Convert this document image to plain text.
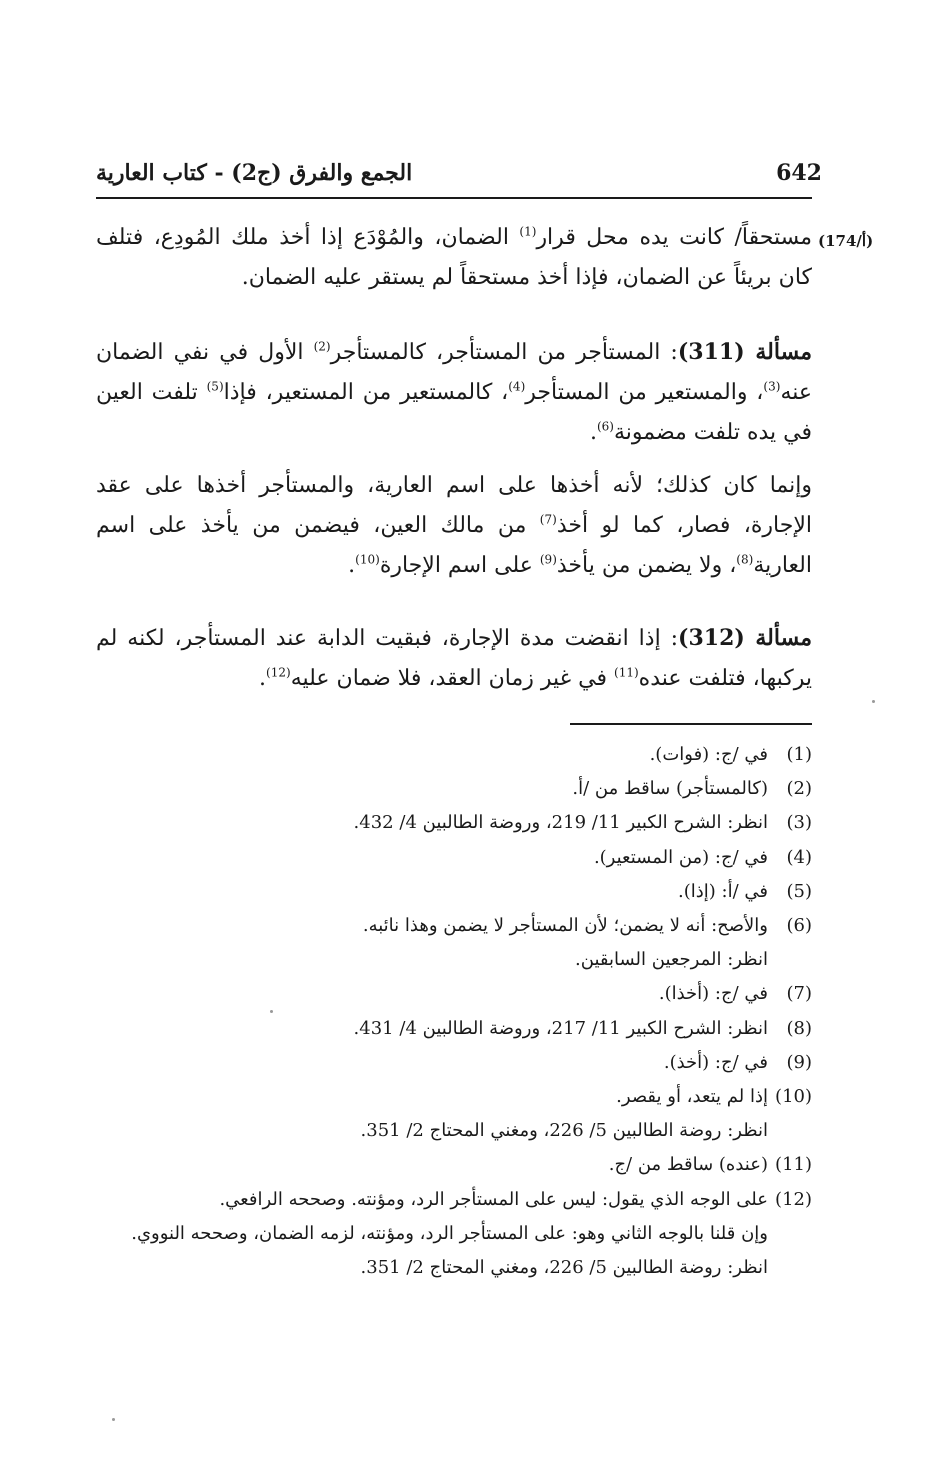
642
الجمع والفرق (ج2) - كتاب العارية
(174/أ)
مستحقاً/ كانت يده محل قرار$^{(1)}$ الضمان، والمُوْدَع إذا أخذ ملك المُودِع، فتلف كان بريئاً عن الضمان، فإذا أخذ مستحقاً لم يستقر عليه الضمان.
مسألة (311): المستأجر من المستأجر، كالمستأجر$^{(2)}$ الأول في نفي الضمان عنه$^{(3)}$، والمستعير من المستأجر$^{(4)}$، كالمستعير من المستعير، فإذا$^{(5)}$ تلفت العين في يده تلفت مضمونة$^{(6)}$.
وإنما كان كذلك؛ لأنه أخذها على اسم العارية، والمستأجر أخذها على عقد الإجارة، فصار، كما لو أخذ$^{(7)}$ من مالك العين، فيضمن من يأخذ على اسم العارية$^{(8)}$، ولا يضمن من يأخذ$^{(9)}$ على اسم الإجارة$^{(10)}$.
مسألة (312): إذا انقضت مدة الإجارة، فبقيت الدابة عند المستأجر، لكنه لم يركبها، فتلفت عنده$^{(11)}$ في غير زمان العقد، فلا ضمان عليه$^{(12)}$.
(1)
في /ج: (فوات).
(2)
(كالمستأجر) ساقط من /أ.
(3)
انظر: الشرح الكبير 11/ 219، وروضة الطالبين 4/ 432.
(4)
في /ج: (من المستعير).
(5)
في /أ: (إذا).
(6)
والأصح: أنه لا يضمن؛ لأن المستأجر لا يضمن وهذا نائبه.
انظر: المرجعين السابقين.
(7)
في /ج: (أخذا).
(8)
انظر: الشرح الكبير 11/ 217، وروضة الطالبين 4/ 431.
(9)
في /ج: (أخذ).
(10)
إذا لم يتعد، أو يقصر.
انظر: روضة الطالبين 5/ 226، ومغني المحتاج 2/ 351.
(11)
(عنده) ساقط من /ج.
(12)
على الوجه الذي يقول: ليس على المستأجر الرد، ومؤنته. وصححه الرافعي.
وإن قلنا بالوجه الثاني وهو: على المستأجر الرد، ومؤنته، لزمه الضمان، وصححه النووي.
انظر: روضة الطالبين 5/ 226، ومغني المحتاج 2/ 351.
